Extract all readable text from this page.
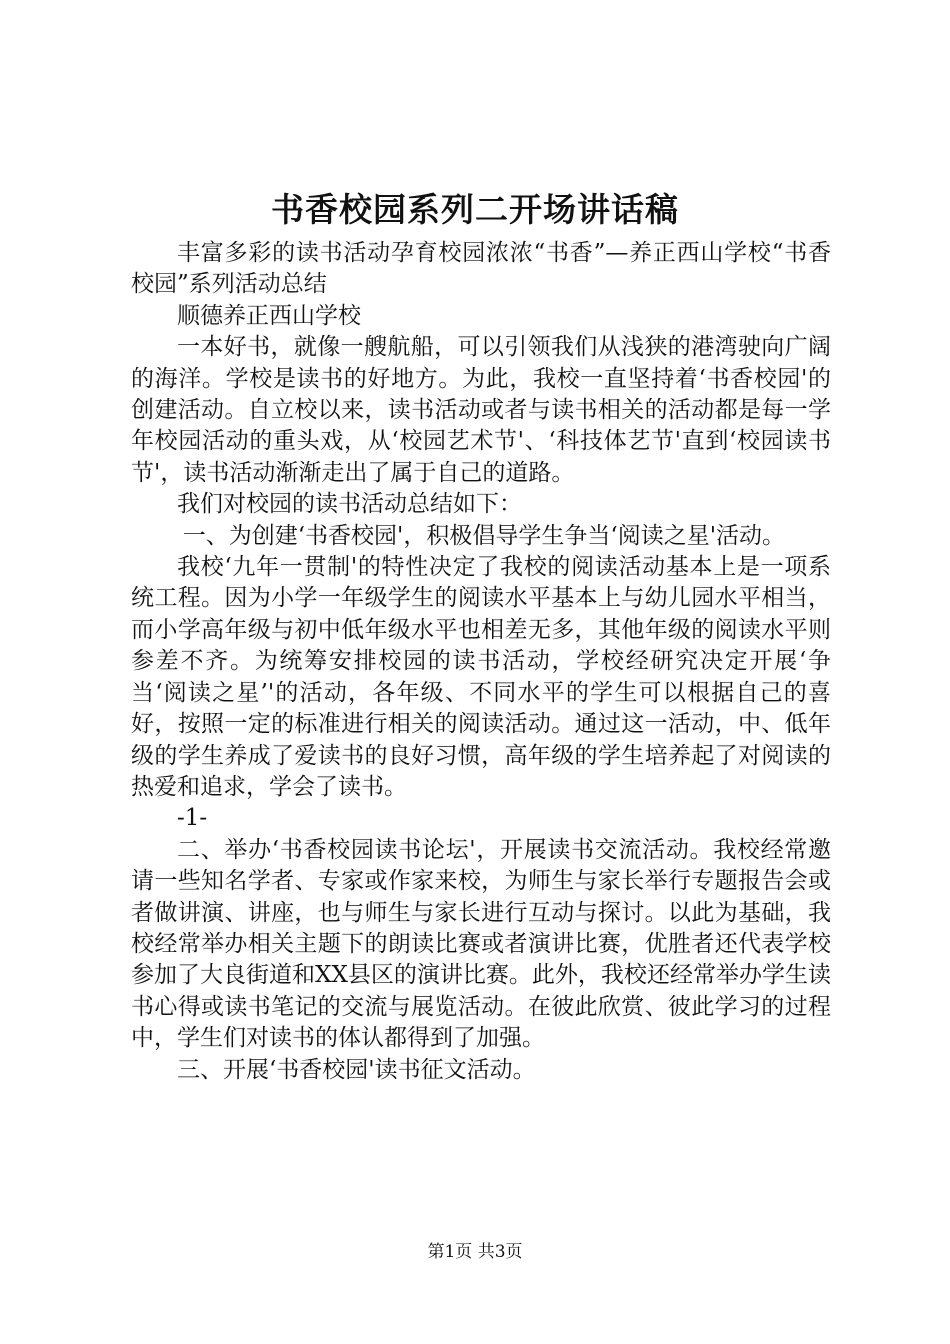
书香校园系列二开场讲话稿

丰富多彩的读书活动孕育校园浓浓“书香”—养正西山学校“书香校园”系列活动总结

顺德养正西山学校

一本好书，就像一艘航船，可以引领我们从浅狭的港湾驶向广阔的海洋。学校是读书的好地方。为此，我校一直坚持着‘书香校园'的创建活动。自立校以来，读书活动或者与读书相关的活动都是每一学年校园活动的重头戏，从‘校园艺术节'、‘科技体艺节'直到‘校园读书节'，读书活动渐渐走出了属于自己的道路。

我们对校园的读书活动总结如下：

一、为创建‘书香校园'，积极倡导学生争当‘阅读之星'活动。

我校‘九年一贯制'的特性决定了我校的阅读活动基本上是一项系统工程。因为小学一年级学生的阅读水平基本上与幼儿园水平相当，而小学高年级与初中低年级水平也相差无多，其他年级的阅读水平则参差不齐。为统筹安排校园的读书活动，学校经研究决定开展‘争当‘阅读之星’'的活动，各年级、不同水平的学生可以根据自己的喜好，按照一定的标准进行相关的阅读活动。通过这一活动，中、低年级的学生养成了爱读书的良好习惯，高年级的学生培养起了对阅读的热爱和追求，学会了读书。

-1-

二、举办‘书香校园读书论坛'，开展读书交流活动。我校经常邀请一些知名学者、专家或作家来校，为师生与家长举行专题报告会或者做讲演、讲座，也与师生与家长进行互动与探讨。以此为基础，我校经常举办相关主题下的朗读比赛或者演讲比赛，优胜者还代表学校参加了大良街道和XX县区的演讲比赛。此外，我校还经常举办学生读书心得或读书笔记的交流与展览活动。在彼此欣赏、彼此学习的过程中，学生们对读书的体认都得到了加强。

三、开展‘书香校园'读书征文活动。

第1页 共3页
